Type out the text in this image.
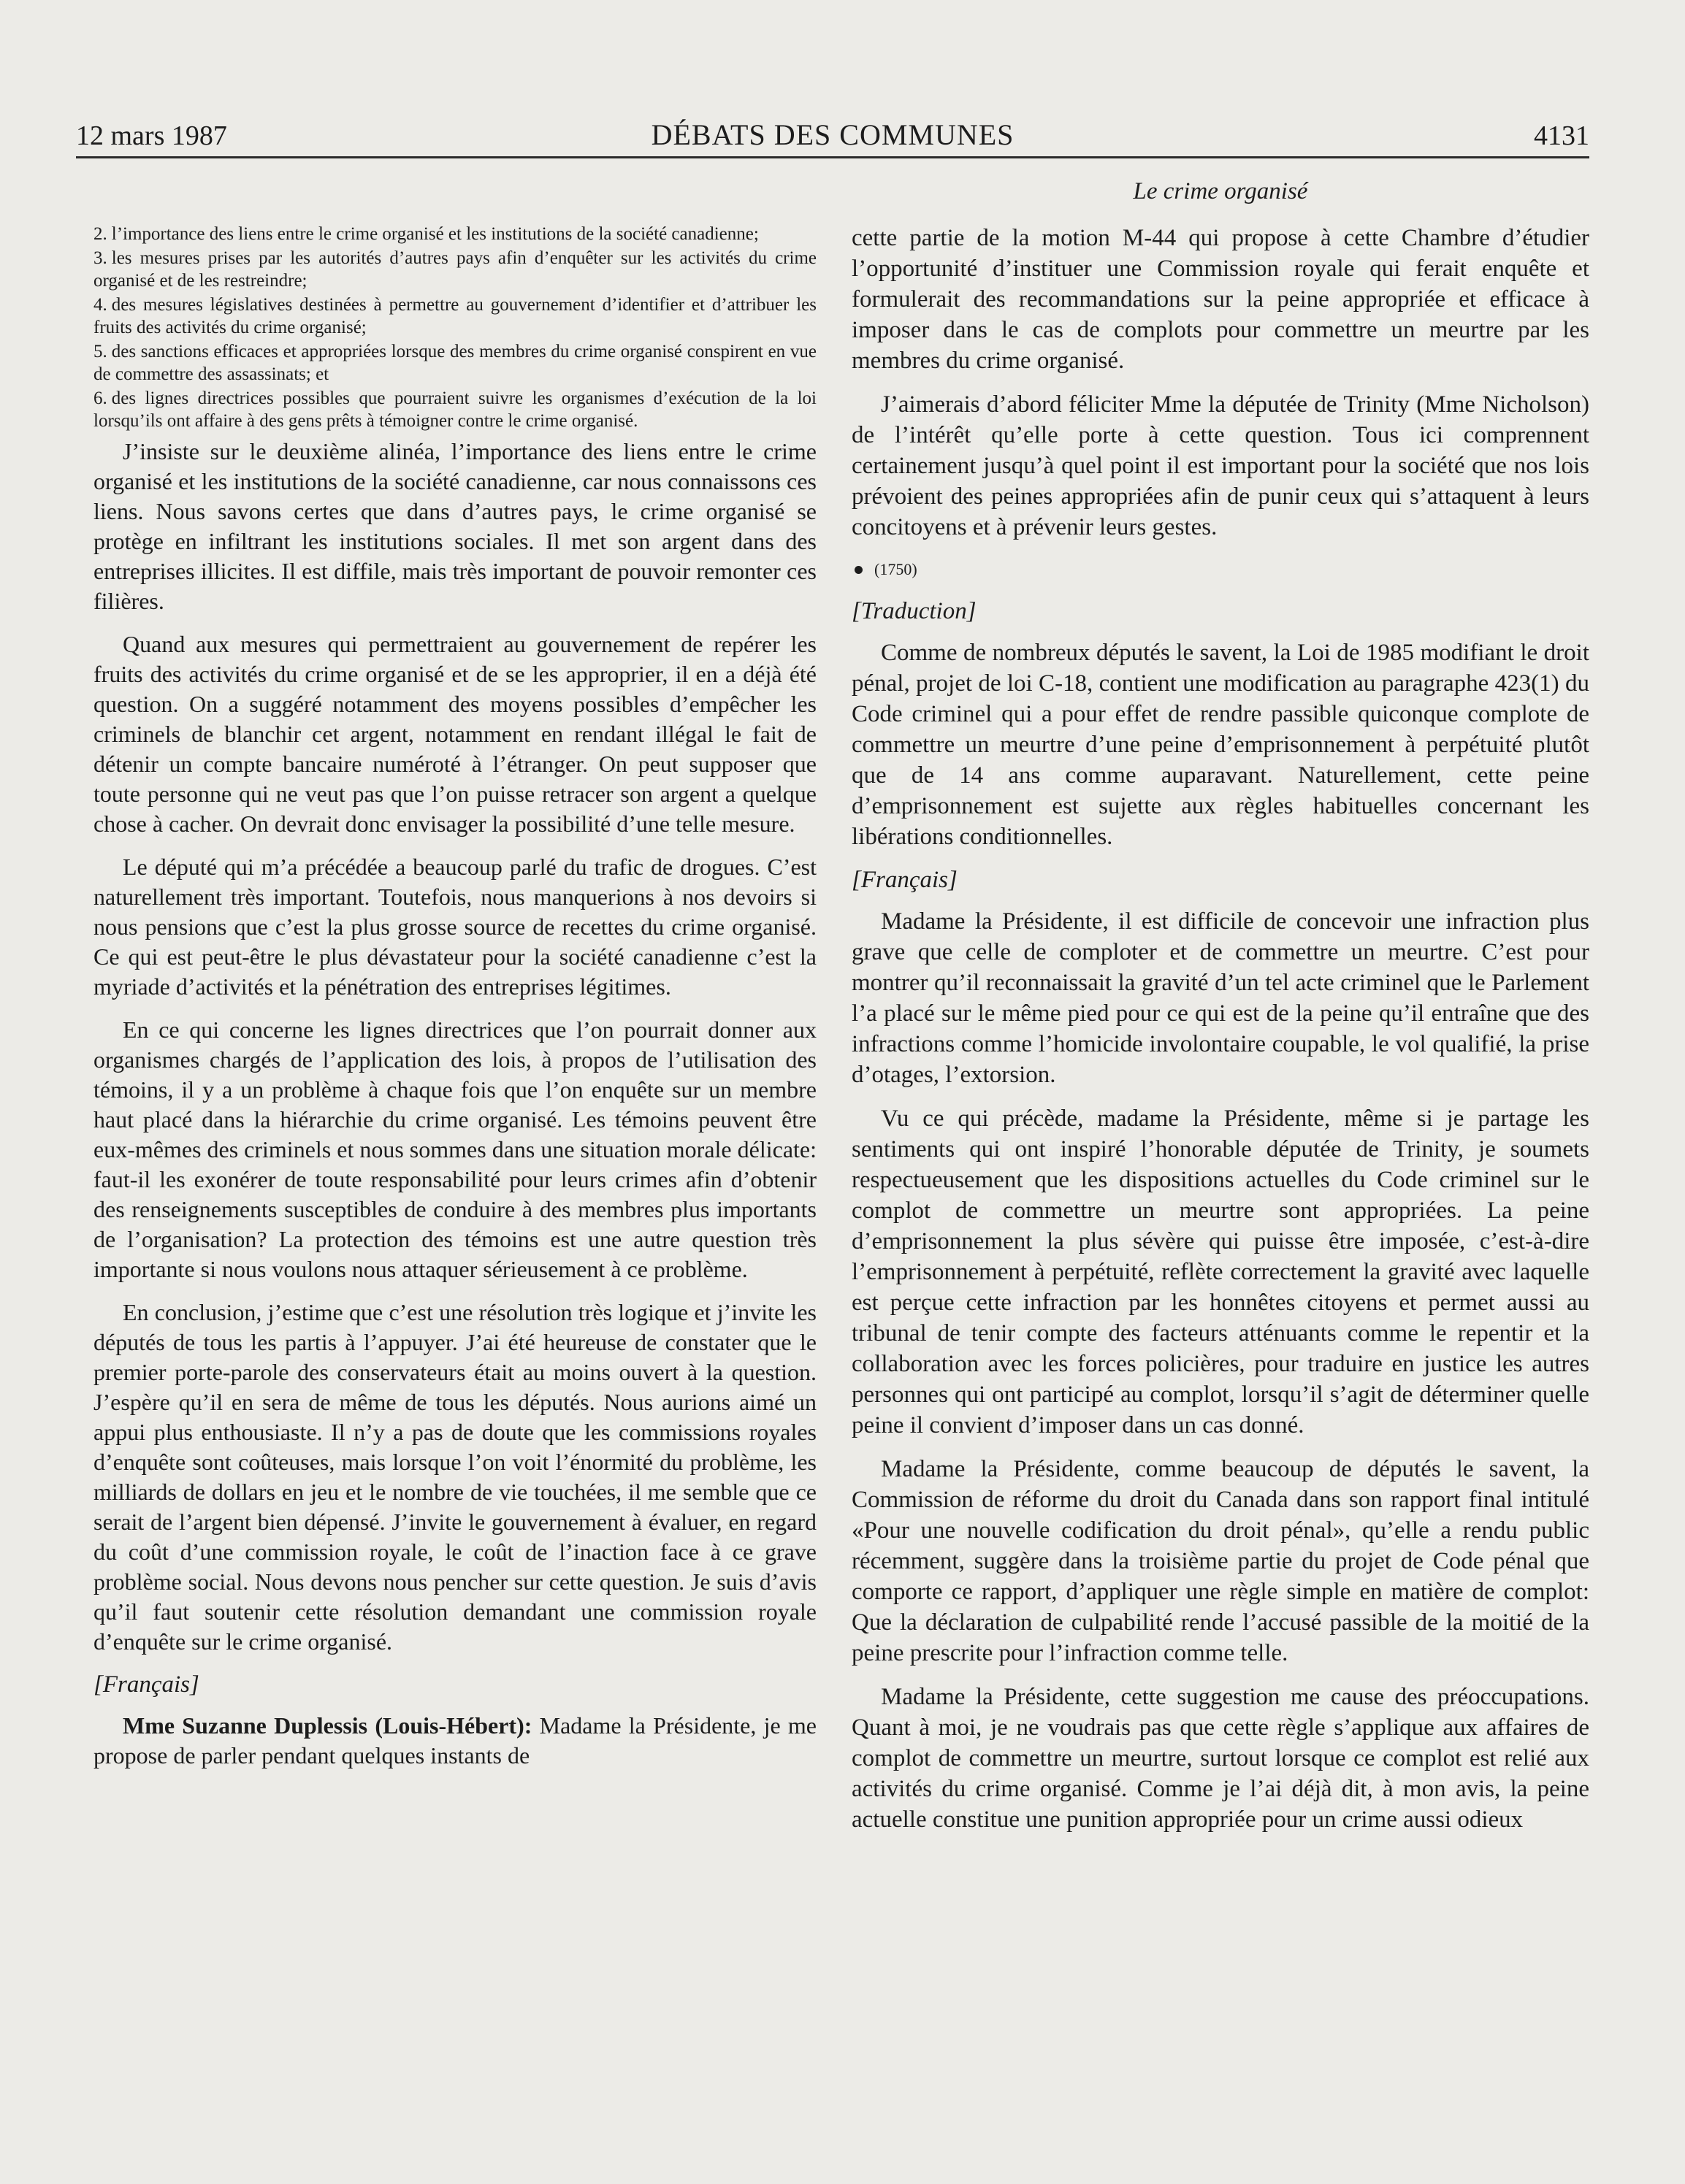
12 mars 1987	DÉBATS DES COMMUNES	4131
Le crime organisé
2. l’importance des liens entre le crime organisé et les institutions de la société canadienne;
3. les mesures prises par les autorités d’autres pays afin d’enquêter sur les activités du crime organisé et de les restreindre;
4. des mesures législatives destinées à permettre au gouvernement d’identifier et d’attribuer les fruits des activités du crime organisé;
5. des sanctions efficaces et appropriées lorsque des membres du crime organisé conspirent en vue de commettre des assassinats; et
6. des lignes directrices possibles que pourraient suivre les organismes d’exécution de la loi lorsqu’ils ont affaire à des gens prêts à témoigner contre le crime organisé.

J’insiste sur le deuxième alinéa, l’importance des liens entre le crime organisé et les institutions de la société canadienne, car nous connaissons ces liens. Nous savons certes que dans d’autres pays, le crime organisé se protège en infiltrant les institutions sociales. Il met son argent dans des entreprises illicites. Il est diffile, mais très important de pouvoir remonter ces filières.

Quand aux mesures qui permettraient au gouvernement de repérer les fruits des activités du crime organisé et de se les approprier, il en a déjà été question. On a suggéré notamment des moyens possibles d’empêcher les criminels de blanchir cet argent, notamment en rendant illégal le fait de détenir un compte bancaire numéroté à l’étranger. On peut supposer que toute personne qui ne veut pas que l’on puisse retracer son argent a quelque chose à cacher. On devrait donc envisager la possibilité d’une telle mesure.

Le député qui m’a précédée a beaucoup parlé du trafic de drogues. C’est naturellement très important. Toutefois, nous manquerions à nos devoirs si nous pensions que c’est la plus grosse source de recettes du crime organisé. Ce qui est peut-être le plus dévastateur pour la société canadienne c’est la myriade d’activités et la pénétration des entreprises légitimes.

En ce qui concerne les lignes directrices que l’on pourrait donner aux organismes chargés de l’application des lois, à propos de l’utilisation des témoins, il y a un problème à chaque fois que l’on enquête sur un membre haut placé dans la hiérarchie du crime organisé. Les témoins peuvent être eux-mêmes des criminels et nous sommes dans une situation morale délicate: faut-il les exonérer de toute responsabilité pour leurs crimes afin d’obtenir des renseignements susceptibles de conduire à des membres plus importants de l’organisation? La protection des témoins est une autre question très importante si nous voulons nous attaquer sérieusement à ce problème.

En conclusion, j’estime que c’est une résolution très logique et j’invite les députés de tous les partis à l’appuyer. J’ai été heureuse de constater que le premier porte-parole des conservateurs était au moins ouvert à la question. J’espère qu’il en sera de même de tous les députés. Nous aurions aimé un appui plus enthousiaste. Il n’y a pas de doute que les commissions royales d’enquête sont coûteuses, mais lorsque l’on voit l’énormité du problème, les milliards de dollars en jeu et le nombre de vie touchées, il me semble que ce serait de l’argent bien dépensé. J’invite le gouvernement à évaluer, en regard du coût d’une commission royale, le coût de l’inaction face à ce grave problème social. Nous devons nous pencher sur cette question. Je suis d’avis qu’il faut soutenir cette résolution demandant une commission royale d’enquête sur le crime organisé.

[Français]

Mme Suzanne Duplessis (Louis-Hébert): Madame la Présidente, je me propose de parler pendant quelques instants de

cette partie de la motion M-44 qui propose à cette Chambre d’étudier l’opportunité d’instituer une Commission royale qui ferait enquête et formulerait des recommandations sur la peine appropriée et efficace à imposer dans le cas de complots pour commettre un meurtre par les membres du crime organisé.

J’aimerais d’abord féliciter Mme la députée de Trinity (Mme Nicholson) de l’intérêt qu’elle porte à cette question. Tous ici comprennent certainement jusqu’à quel point il est important pour la société que nos lois prévoient des peines appropriées afin de punir ceux qui s’attaquent à leurs concitoyens et à prévenir leurs gestes.

(1750)
[Traduction]

Comme de nombreux députés le savent, la Loi de 1985 modifiant le droit pénal, projet de loi C-18, contient une modification au paragraphe 423(1) du Code criminel qui a pour effet de rendre passible quiconque complote de commettre un meurtre d’une peine d’emprisonnement à perpétuité plutôt que de 14 ans comme auparavant. Naturellement, cette peine d’emprisonnement est sujette aux règles habituelles concernant les libérations conditionnelles.

[Français]

Madame la Présidente, il est difficile de concevoir une infraction plus grave que celle de comploter et de commettre un meurtre. C’est pour montrer qu’il reconnaissait la gravité d’un tel acte criminel que le Parlement l’a placé sur le même pied pour ce qui est de la peine qu’il entraîne que des infractions comme l’homicide involontaire coupable, le vol qualifié, la prise d’otages, l’extorsion.

Vu ce qui précède, madame la Présidente, même si je partage les sentiments qui ont inspiré l’honorable députée de Trinity, je soumets respectueusement que les dispositions actuelles du Code criminel sur le complot de commettre un meurtre sont appropriées. La peine d’emprisonnement la plus sévère qui puisse être imposée, c’est-à-dire l’emprisonnement à perpétuité, reflète correctement la gravité avec laquelle est perçue cette infraction par les honnêtes citoyens et permet aussi au tribunal de tenir compte des facteurs atténuants comme le repentir et la collaboration avec les forces policières, pour traduire en justice les autres personnes qui ont participé au complot, lorsqu’il s’agit de déterminer quelle peine il convient d’imposer dans un cas donné.

Madame la Présidente, comme beaucoup de députés le savent, la Commission de réforme du droit du Canada dans son rapport final intitulé «Pour une nouvelle codification du droit pénal», qu’elle a rendu public récemment, suggère dans la troisième partie du projet de Code pénal que comporte ce rapport, d’appliquer une règle simple en matière de complot: Que la déclaration de culpabilité rende l’accusé passible de la moitié de la peine prescrite pour l’infraction comme telle.

Madame la Présidente, cette suggestion me cause des préoccupations. Quant à moi, je ne voudrais pas que cette règle s’applique aux affaires de complot de commettre un meurtre, surtout lorsque ce complot est relié aux activités du crime organisé. Comme je l’ai déjà dit, à mon avis, la peine actuelle constitue une punition appropriée pour un crime aussi odieux
